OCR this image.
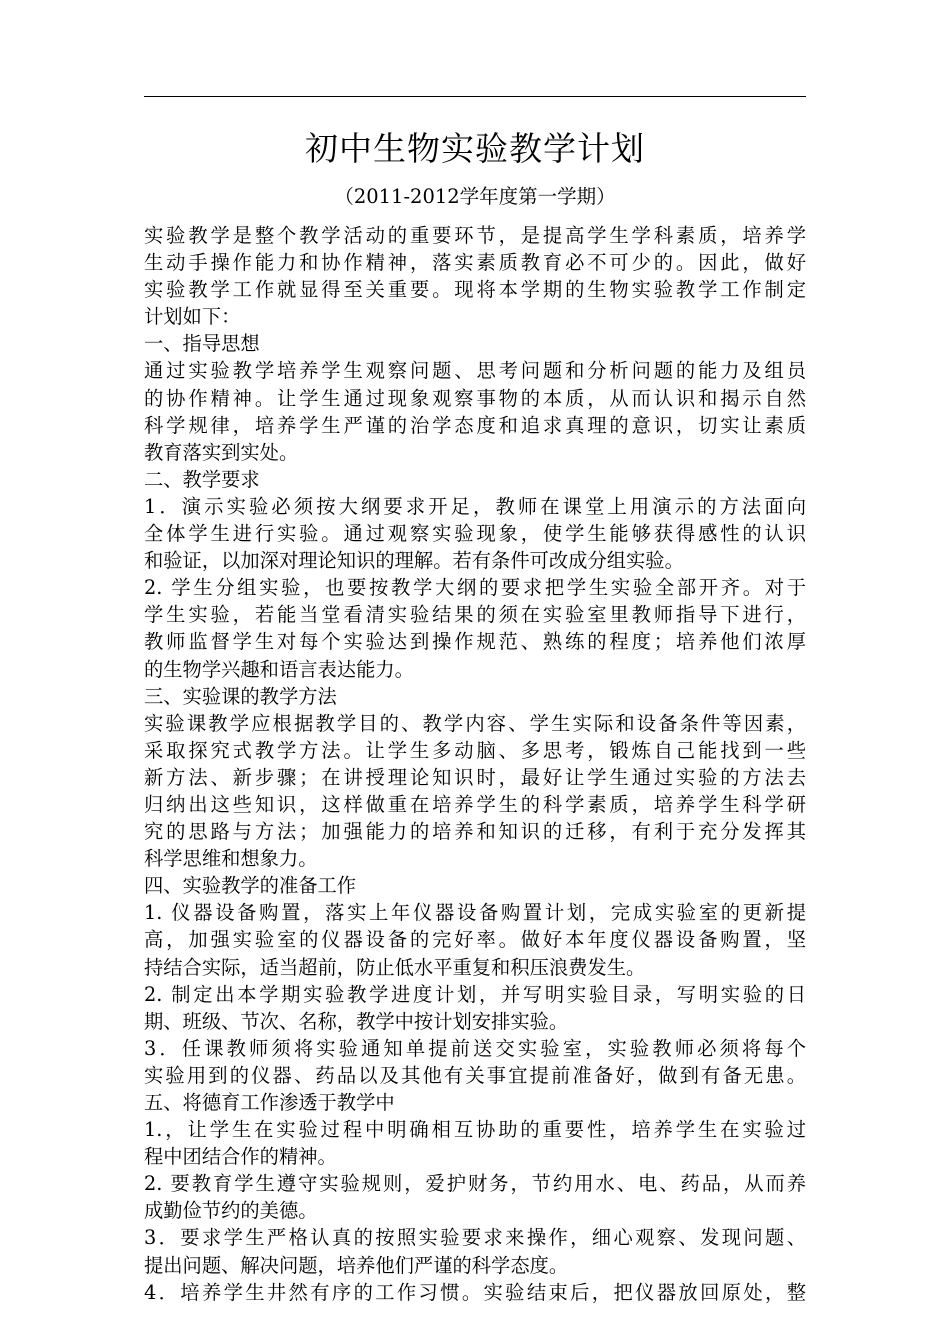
初中生物实验教学计划
（2011-2012学年度第一学期）
实验教学是整个教学活动的重要环节，是提高学生学科素质，培养学
生动手操作能力和协作精神，落实素质教育必不可少的。因此，做好
实验教学工作就显得至关重要。现将本学期的生物实验教学工作制定
计划如下：
一、指导思想
通过实验教学培养学生观察问题、思考问题和分析问题的能力及组员
的协作精神。让学生通过现象观察事物的本质，从而认识和揭示自然
科学规律，培养学生严谨的治学态度和追求真理的意识，切实让素质
教育落实到实处。
二、教学要求
1．演示实验必须按大纲要求开足，教师在课堂上用演示的方法面向
全体学生进行实验。通过观察实验现象，使学生能够获得感性的认识
和验证，以加深对理论知识的理解。若有条件可改成分组实验。
2. 学生分组实验，也要按教学大纲的要求把学生实验全部开齐。对于
学生实验，若能当堂看清实验结果的须在实验室里教师指导下进行，
教师监督学生对每个实验达到操作规范、熟练的程度；培养他们浓厚
的生物学兴趣和语言表达能力。
三、实验课的教学方法
实验课教学应根据教学目的、教学内容、学生实际和设备条件等因素，
采取探究式教学方法。让学生多动脑、多思考，锻炼自己能找到一些
新方法、新步骤；在讲授理论知识时，最好让学生通过实验的方法去
归纳出这些知识，这样做重在培养学生的科学素质，培养学生科学研
究的思路与方法；加强能力的培养和知识的迁移，有利于充分发挥其
科学思维和想象力。
四、实验教学的准备工作
1. 仪器设备购置，落实上年仪器设备购置计划，完成实验室的更新提
高，加强实验室的仪器设备的完好率。做好本年度仪器设备购置，坚
持结合实际，适当超前，防止低水平重复和积压浪费发生。
2. 制定出本学期实验教学进度计划，并写明实验目录，写明实验的日
期、班级、节次、名称，教学中按计划安排实验。
3．任课教师须将实验通知单提前送交实验室，实验教师必须将每个
实验用到的仪器、药品以及其他有关事宜提前准备好，做到有备无患。
五、将德育工作渗透于教学中
1.，让学生在实验过程中明确相互协助的重要性，培养学生在实验过
程中团结合作的精神。
2. 要教育学生遵守实验规则，爱护财务，节约用水、电、药品，从而养
成勤俭节约的美德。
3．要求学生严格认真的按照实验要求来操作，细心观察、发现问题、
提出问题、解决问题，培养他们严谨的科学态度。
4．培养学生井然有序的工作习惯。实验结束后，把仪器放回原处，整
